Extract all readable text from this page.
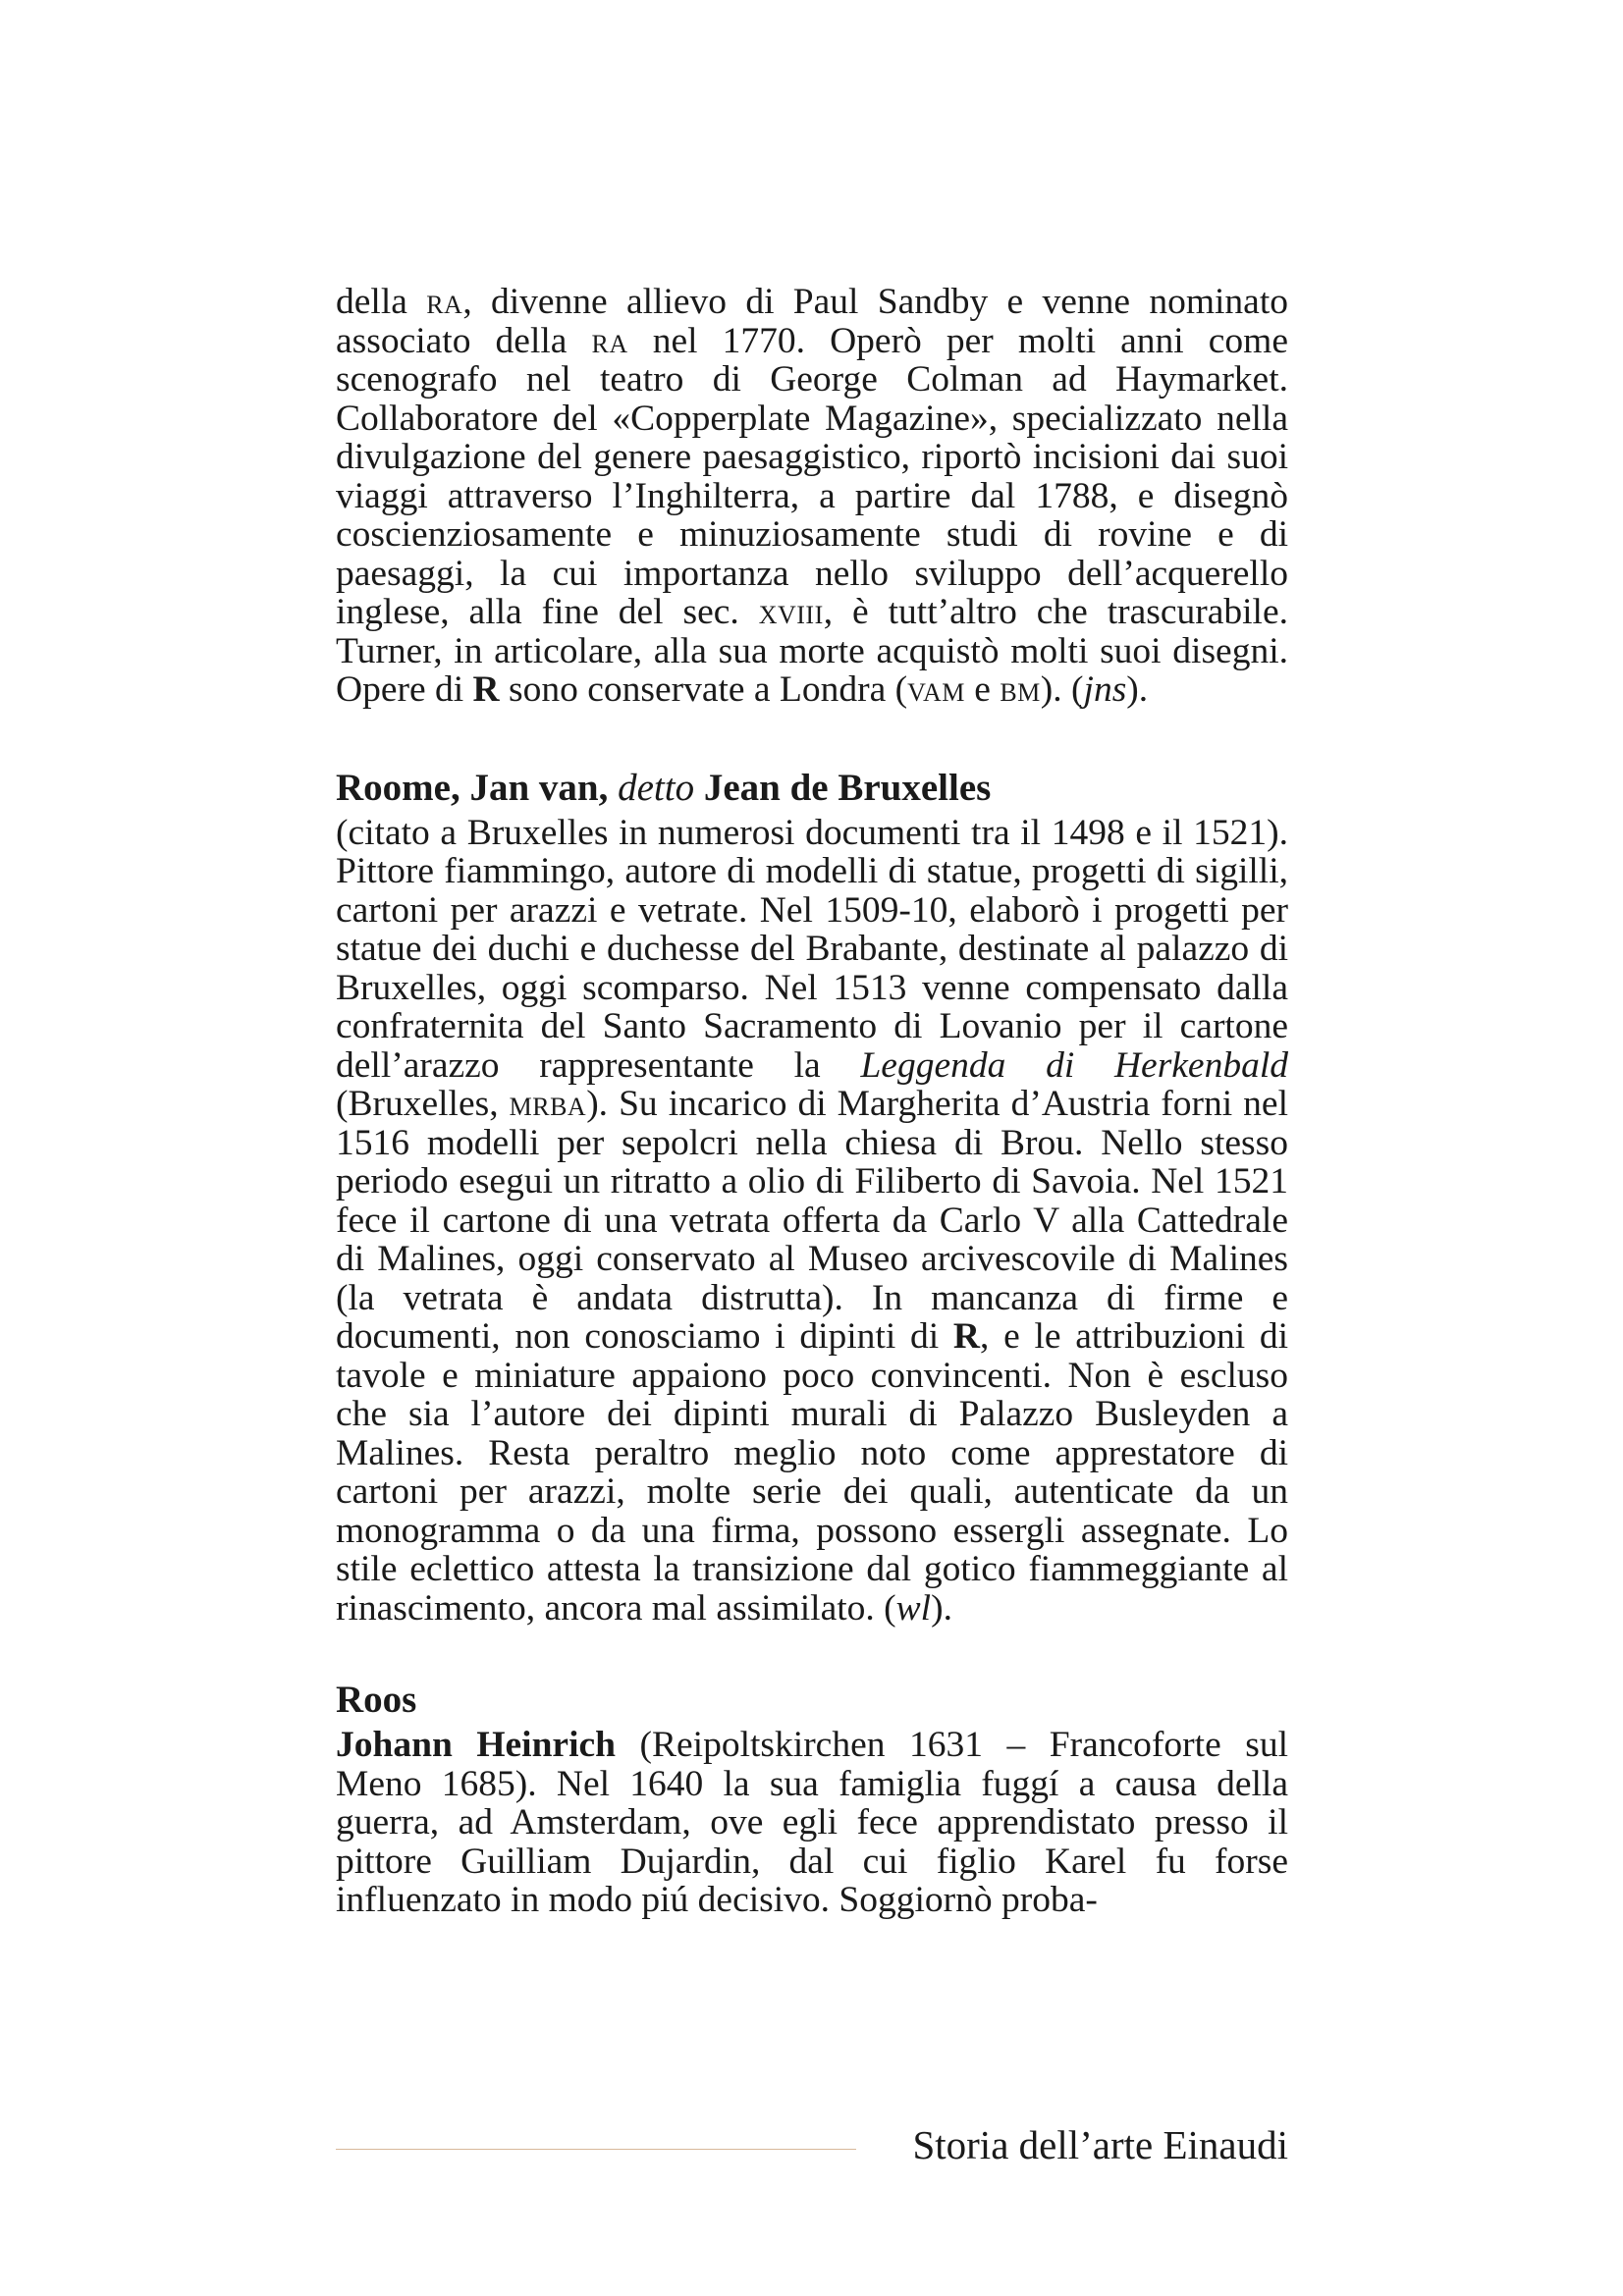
della ra, divenne allievo di Paul Sandby e venne nominato associato della ra nel 1770. Operò per molti anni come scenografo nel teatro di George Colman ad Haymarket. Collaboratore del «Copperplate Magazine», specializzato nella divulgazione del genere paesaggistico, riportò incisioni dai suoi viaggi attraverso l’Inghilterra, a partire dal 1788, e disegnò coscienziosamente e minuziosamente studi di rovine e di paesaggi, la cui importanza nello sviluppo dell’acquerello inglese, alla fine del sec. xviii, è tutt’altro che trascurabile. Turner, in articolare, alla sua morte acquistò molti suoi disegni. Opere di R sono conservate a Londra (vam e bm). (jns).

Roome, Jan van, detto Jean de Bruxelles

(citato a Bruxelles in numerosi documenti tra il 1498 e il 1521). Pittore fiammingo, autore di modelli di statue, progetti di sigilli, cartoni per arazzi e vetrate. Nel 1509-10, elaborò i progetti per statue dei duchi e duchesse del Brabante, destinate al palazzo di Bruxelles, oggi scomparso. Nel 1513 venne compensato dalla confraternita del Santo Sacramento di Lovanio per il cartone dell’arazzo rappresentante la Leggenda di Herkenbald (Bruxelles, mrba). Su incarico di Margherita d’Austria forni nel 1516 modelli per sepolcri nella chiesa di Brou. Nello stesso periodo esegui un ritratto a olio di Filiberto di Savoia. Nel 1521 fece il cartone di una vetrata offerta da Carlo V alla Cattedrale di Malines, oggi conservato al Museo arcivescovile di Malines (la vetrata è andata distrutta). In mancanza di firme e documenti, non conosciamo i dipinti di R, e le attribuzioni di tavole e miniature appaiono poco convincenti. Non è escluso che sia l’autore dei dipinti murali di Palazzo Busleyden a Malines. Resta peraltro meglio noto come apprestatore di cartoni per arazzi, molte serie dei quali, autenticate da un monogramma o da una firma, possono essergli assegnate. Lo stile eclettico attesta la transizione dal gotico fiammeggiante al rinascimento, ancora mal assimilato. (wl).

Roos

Johann Heinrich (Reipoltskirchen 1631 – Francoforte sul Meno 1685). Nel 1640 la sua famiglia fuggí a causa della guerra, ad Amsterdam, ove egli fece apprendistato presso il pittore Guilliam Dujardin, dal cui figlio Karel fu forse influenzato in modo piú decisivo. Soggiornò proba-

Storia dell’arte Einaudi
